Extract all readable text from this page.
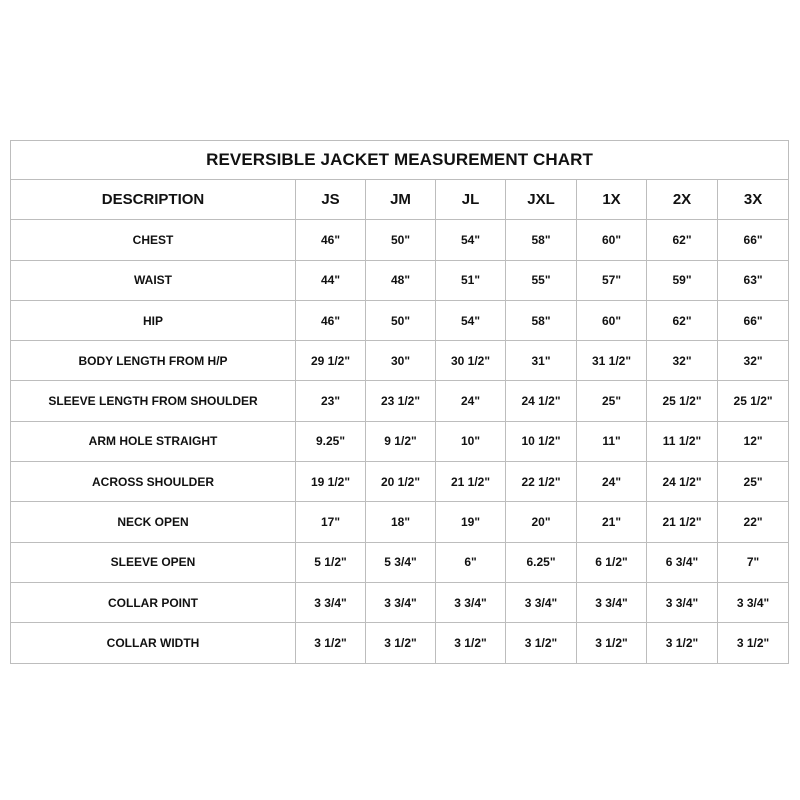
REVERSIBLE JACKET MEASUREMENT CHART							
DESCRIPTION	JS	JM	JL	JXL	1X	2X	3X
CHEST	46"	50"	54"	58"	60"	62"	66"
WAIST	44"	48"	51"	55"	57"	59"	63"
HIP	46"	50"	54"	58"	60"	62"	66"
BODY LENGTH FROM H/P	29 1/2"	30"	30 1/2"	31"	31 1/2"	32"	32"
SLEEVE LENGTH FROM SHOULDER	23"	23 1/2"	24"	24 1/2"	25"	25 1/2"	25 1/2"
ARM HOLE STRAIGHT	9.25"	9 1/2"	10"	10 1/2"	11"	11 1/2"	12"
ACROSS SHOULDER	19 1/2"	20 1/2"	21 1/2"	22 1/2"	24"	24 1/2"	25"
NECK OPEN	17"	18"	19"	20"	21"	21 1/2"	22"
SLEEVE OPEN	5 1/2"	5 3/4"	6"	6.25"	6 1/2"	6 3/4"	7"
COLLAR POINT	3 3/4"	3 3/4"	3 3/4"	3 3/4"	3 3/4"	3 3/4"	3 3/4"
COLLAR WIDTH	3 1/2"	3 1/2"	3 1/2"	3 1/2"	3 1/2"	3 1/2"	3 1/2"
